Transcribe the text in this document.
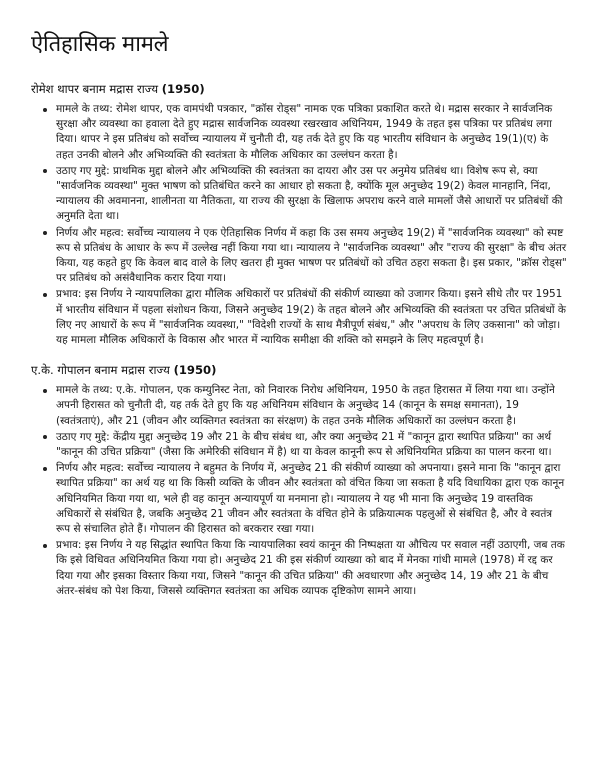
ऐतिहासिक मामले
रोमेश थापर बनाम मद्रास राज्य (1950)
मामले के तथ्य: रोमेश थापर, एक वामपंथी पत्रकार, "क्रॉस रोड्स" नामक एक पत्रिका प्रकाशित करते थे। मद्रास सरकार ने सार्वजनिक सुरक्षा और व्यवस्था का हवाला देते हुए मद्रास सार्वजनिक व्यवस्था रखरखाव अधिनियम, 1949 के तहत इस पत्रिका पर प्रतिबंध लगा दिया। थापर ने इस प्रतिबंध को सर्वोच्च न्यायालय में चुनौती दी, यह तर्क देते हुए कि यह भारतीय संविधान के अनुच्छेद 19(1)(ए) के तहत उनकी बोलने और अभिव्यक्ति की स्वतंत्रता के मौलिक अधिकार का उल्लंघन करता है।
उठाए गए मुद्दे: प्राथमिक मुद्दा बोलने और अभिव्यक्ति की स्वतंत्रता का दायरा और उस पर अनुमेय प्रतिबंध था। विशेष रूप से, क्या "सार्वजनिक व्यवस्था" मुक्त भाषण को प्रतिबंधित करने का आधार हो सकता है, क्योंकि मूल अनुच्छेद 19(2) केवल मानहानि, निंदा, न्यायालय की अवमानना, शालीनता या नैतिकता, या राज्य की सुरक्षा के खिलाफ अपराध करने वाले मामलों जैसे आधारों पर प्रतिबंधों की अनुमति देता था।
निर्णय और महत्व: सर्वोच्च न्यायालय ने एक ऐतिहासिक निर्णय में कहा कि उस समय अनुच्छेद 19(2) में "सार्वजनिक व्यवस्था" को स्पष्ट रूप से प्रतिबंध के आधार के रूप में उल्लेख नहीं किया गया था। न्यायालय ने "सार्वजनिक व्यवस्था" और "राज्य की सुरक्षा" के बीच अंतर किया, यह कहते हुए कि केवल बाद वाले के लिए खतरा ही मुक्त भाषण पर प्रतिबंधों को उचित ठहरा सकता है। इस प्रकार, "क्रॉस रोड्स" पर प्रतिबंध को असंवैधानिक करार दिया गया।
प्रभाव: इस निर्णय ने न्यायपालिका द्वारा मौलिक अधिकारों पर प्रतिबंधों की संकीर्ण व्याख्या को उजागर किया। इसने सीधे तौर पर 1951 में भारतीय संविधान में पहला संशोधन किया, जिसने अनुच्छेद 19(2) के तहत बोलने और अभिव्यक्ति की स्वतंत्रता पर उचित प्रतिबंधों के लिए नए आधारों के रूप में "सार्वजनिक व्यवस्था," "विदेशी राज्यों के साथ मैत्रीपूर्ण संबंध," और "अपराध के लिए उकसाना" को जोड़ा। यह मामला मौलिक अधिकारों के विकास और भारत में न्यायिक समीक्षा की शक्ति को समझने के लिए महत्वपूर्ण है।
ए.के. गोपालन बनाम मद्रास राज्य (1950)
मामले के तथ्य: ए.के. गोपालन, एक कम्युनिस्ट नेता, को निवारक निरोध अधिनियम, 1950 के तहत हिरासत में लिया गया था। उन्होंने अपनी हिरासत को चुनौती दी, यह तर्क देते हुए कि यह अधिनियम संविधान के अनुच्छेद 14 (कानून के समक्ष समानता), 19 (स्वतंत्रताएं), और 21 (जीवन और व्यक्तिगत स्वतंत्रता का संरक्षण) के तहत उनके मौलिक अधिकारों का उल्लंघन करता है।
उठाए गए मुद्दे: केंद्रीय मुद्दा अनुच्छेद 19 और 21 के बीच संबंध था, और क्या अनुच्छेद 21 में "कानून द्वारा स्थापित प्रक्रिया" का अर्थ "कानून की उचित प्रक्रिया" (जैसा कि अमेरिकी संविधान में है) था या केवल कानूनी रूप से अधिनियमित प्रक्रिया का पालन करना था।
निर्णय और महत्व: सर्वोच्च न्यायालय ने बहुमत के निर्णय में, अनुच्छेद 21 की संकीर्ण व्याख्या को अपनाया। इसने माना कि "कानून द्वारा स्थापित प्रक्रिया" का अर्थ यह था कि किसी व्यक्ति के जीवन और स्वतंत्रता को वंचित किया जा सकता है यदि विधायिका द्वारा एक कानून अधिनियमित किया गया था, भले ही वह कानून अन्यायपूर्ण या मनमाना हो। न्यायालय ने यह भी माना कि अनुच्छेद 19 वास्तविक अधिकारों से संबंधित है, जबकि अनुच्छेद 21 जीवन और स्वतंत्रता के वंचित होने के प्रक्रियात्मक पहलुओं से संबंधित है, और वे स्वतंत्र रूप से संचालित होते हैं। गोपालन की हिरासत को बरकरार रखा गया।
प्रभाव: इस निर्णय ने यह सिद्धांत स्थापित किया कि न्यायपालिका स्वयं कानून की निष्पक्षता या औचित्य पर सवाल नहीं उठाएगी, जब तक कि इसे विधिवत अधिनियमित किया गया हो। अनुच्छेद 21 की इस संकीर्ण व्याख्या को बाद में मेनका गांधी मामले (1978) में रद्द कर दिया गया और इसका विस्तार किया गया, जिसने "कानून की उचित प्रक्रिया" की अवधारणा और अनुच्छेद 14, 19 और 21 के बीच अंतर-संबंध को पेश किया, जिससे व्यक्तिगत स्वतंत्रता का अधिक व्यापक दृष्टिकोण सामने आया।
